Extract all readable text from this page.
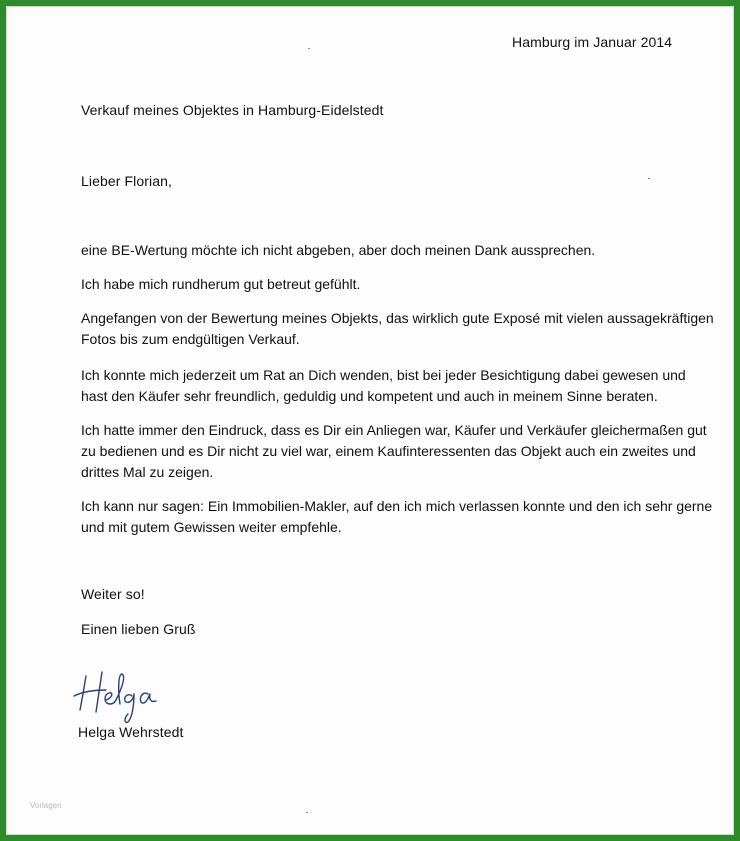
Hamburg im Januar 2014
Verkauf meines Objektes in Hamburg-Eidelstedt
Lieber Florian,
eine BE-Wertung möchte ich nicht abgeben, aber doch meinen Dank aussprechen.
Ich habe mich rundherum gut betreut gefühlt.
Angefangen von der Bewertung meines Objekts, das wirklich gute Exposé mit vielen aussagekräftigen
Fotos bis zum endgültigen Verkauf.
Ich konnte mich jederzeit um Rat an Dich wenden, bist bei jeder Besichtigung dabei gewesen und
hast den Käufer sehr freundlich, geduldig und kompetent und auch in meinem Sinne beraten.
Ich hatte immer den Eindruck, dass es Dir ein Anliegen war, Käufer und Verkäufer gleichermaßen gut
zu bedienen und es Dir nicht zu viel war, einem Kaufinteressenten das Objekt auch ein zweites und
drittes Mal zu zeigen.
Ich kann nur sagen: Ein Immobilien-Makler, auf den ich mich verlassen konnte und den ich sehr gerne
und mit gutem Gewissen weiter empfehle.
Weiter so!
Einen lieben Gruß
Helga Wehrstedt
Vorlagen
